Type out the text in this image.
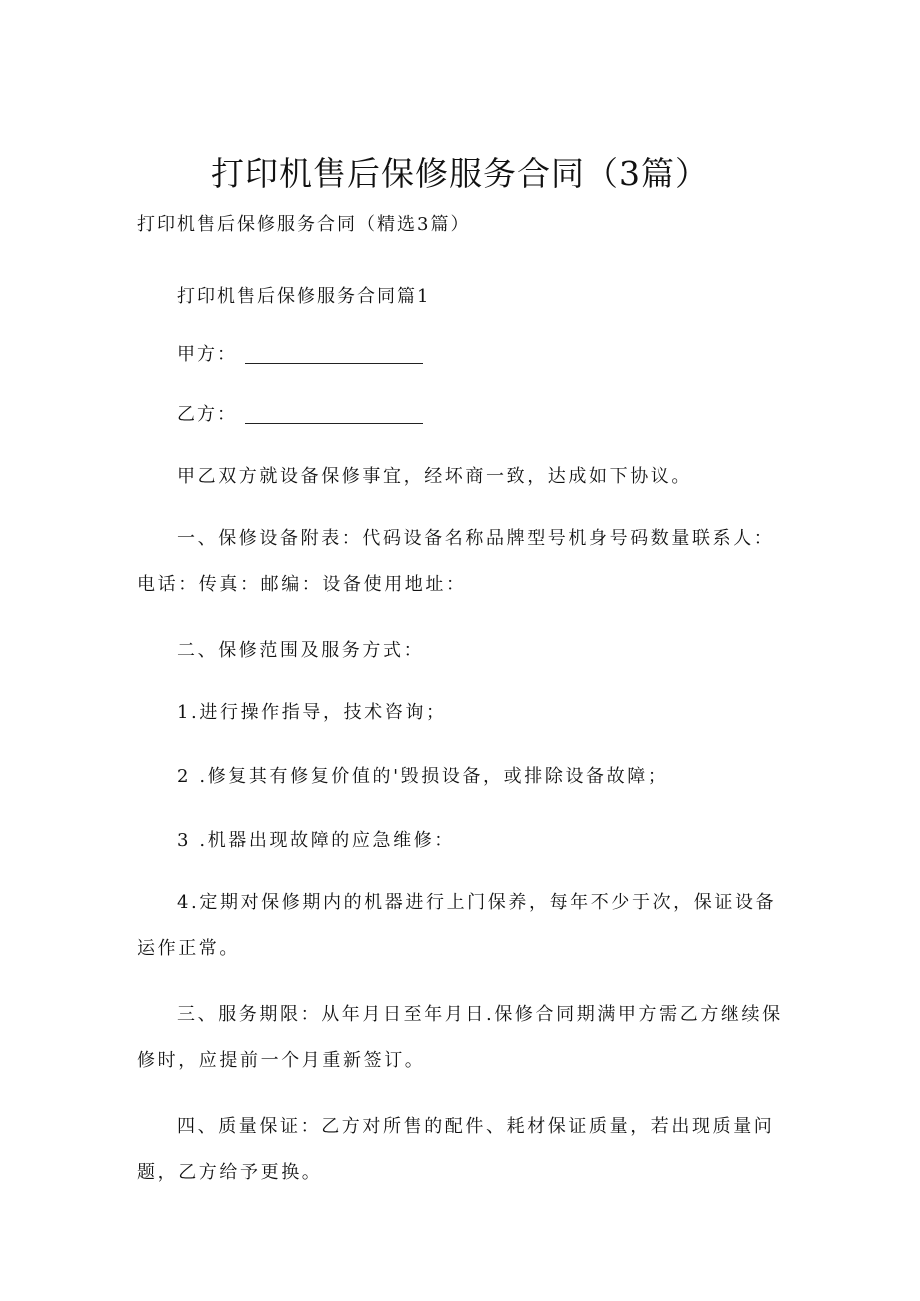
打印机售后保修服务合同（3篇）

打印机售后保修服务合同（精选3篇）

打印机售后保修服务合同篇1

甲方：

乙方：

甲乙双方就设备保修事宜，经坏商一致，达成如下协议。

一、保修设备附表：代码设备名称品牌型号机身号码数量联系人：电话：传真：邮编：设备使用地址：

二、保修范围及服务方式：

1.进行操作指导，技术咨询；

2 .修复其有修复价值的'毁损设备，或排除设备故障；

3 .机器出现故障的应急维修：

4.定期对保修期内的机器进行上门保养，每年不少于次，保证设备运作正常。

三、服务期限：从年月日至年月日.保修合同期满甲方需乙方继续保修时，应提前一个月重新签订。

四、质量保证：乙方对所售的配件、耗材保证质量，若出现质量问题，乙方给予更换。
